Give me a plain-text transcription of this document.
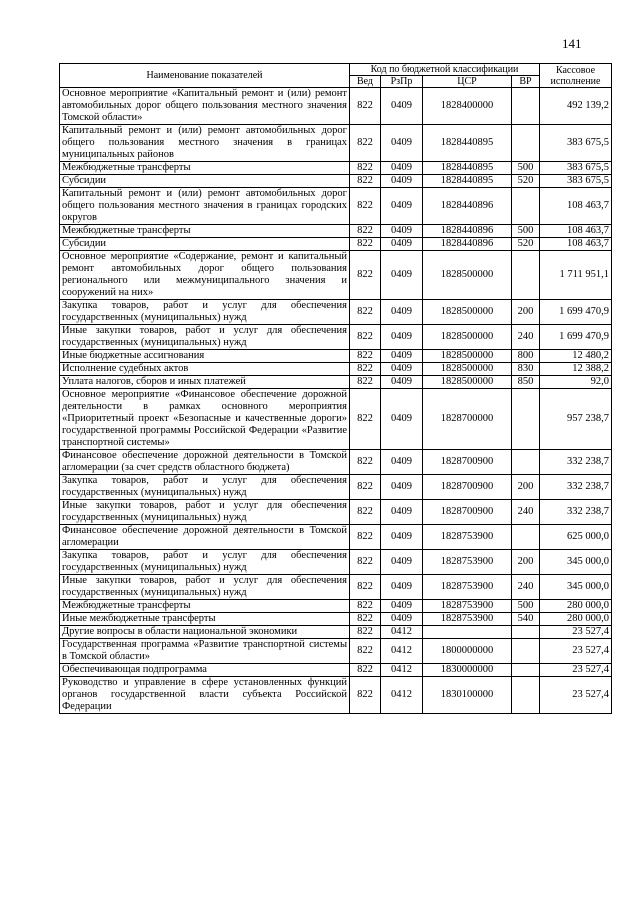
141
Наименование показателей	Код по бюджетной классификации				Кассовое исполнение
	Вед	РзПр	ЦСР	ВР	
Основное мероприятие «Капитальный ремонт и (или) ремонт автомобильных дорог общего пользования местного значения Томской области»	822	0409	1828400000		492 139,2
Капитальный ремонт и (или) ремонт автомобильных дорог общего пользования местного значения в границах муниципальных районов	822	0409	1828440895		383 675,5
Межбюджетные трансферты	822	0409	1828440895	500	383 675,5
Субсидии	822	0409	1828440895	520	383 675,5
Капитальный ремонт и (или) ремонт автомобильных дорог общего пользования местного значения в границах городских округов	822	0409	1828440896		108 463,7
Межбюджетные трансферты	822	0409	1828440896	500	108 463,7
Субсидии	822	0409	1828440896	520	108 463,7
Основное мероприятие «Содержание, ремонт и капитальный ремонт автомобильных дорог общего пользования регионального или межмуниципального значения и сооружений на них»	822	0409	1828500000		1 711 951,1
Закупка товаров, работ и услуг для обеспечения государственных (муниципальных) нужд	822	0409	1828500000	200	1 699 470,9
Иные закупки товаров, работ и услуг для обеспечения государственных (муниципальных) нужд	822	0409	1828500000	240	1 699 470,9
Иные бюджетные ассигнования	822	0409	1828500000	800	12 480,2
Исполнение судебных актов	822	0409	1828500000	830	12 388,2
Уплата налогов, сборов и иных платежей	822	0409	1828500000	850	92,0
Основное мероприятие «Финансовое обеспечение дорожной деятельности в рамках основного мероприятия «Приоритетный проект «Безопасные и качественные дороги» государственной программы Российской Федерации «Развитие транспортной системы»	822	0409	1828700000		957 238,7
Финансовое обеспечение дорожной деятельности в Томской агломерации (за счет средств областного бюджета)	822	0409	1828700900		332 238,7
Закупка товаров, работ и услуг для обеспечения государственных (муниципальных) нужд	822	0409	1828700900	200	332 238,7
Иные закупки товаров, работ и услуг для обеспечения государственных (муниципальных) нужд	822	0409	1828700900	240	332 238,7
Финансовое обеспечение дорожной деятельности в Томской агломерации	822	0409	1828753900		625 000,0
Закупка товаров, работ и услуг для обеспечения государственных (муниципальных) нужд	822	0409	1828753900	200	345 000,0
Иные закупки товаров, работ и услуг для обеспечения государственных (муниципальных) нужд	822	0409	1828753900	240	345 000,0
Межбюджетные трансферты	822	0409	1828753900	500	280 000,0
Иные межбюджетные трансферты	822	0409	1828753900	540	280 000,0
Другие вопросы в области национальной экономики	822	0412			23 527,4
Государственная программа «Развитие транспортной системы в Томской области»	822	0412	1800000000		23 527,4
Обеспечивающая подпрограмма	822	0412	1830000000		23 527,4
Руководство и управление в сфере установленных функций органов государственной власти субъекта Российской Федерации	822	0412	1830100000		23 527,4
